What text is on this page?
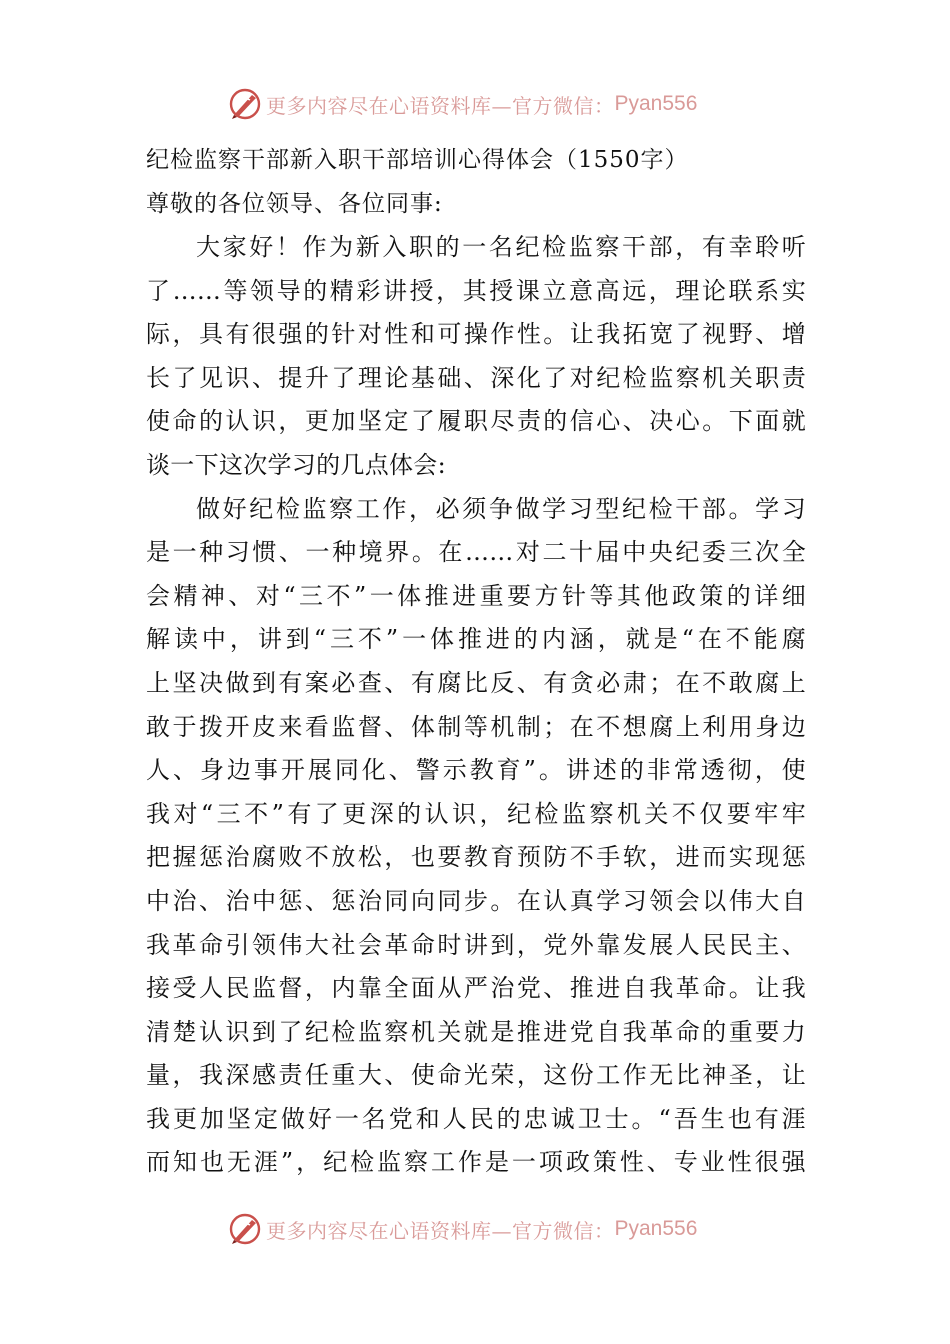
更多内容尽在心语资料库—官方微信： Pyan556
纪检监察干部新入职干部培训心得体会（1550字）
尊敬的各位领导、各位同事:
大家好！作为新入职的一名纪检监察干部，有幸聆听
了……等领导的精彩讲授，其授课立意高远，理论联系实
际，具有很强的针对性和可操作性。让我拓宽了视野、增
长了见识、提升了理论基础、深化了对纪检监察机关职责
使命的认识，更加坚定了履职尽责的信心、决心。下面就
谈一下这次学习的几点体会:
做好纪检监察工作，必须争做学习型纪检干部。学习
是一种习惯、一种境界。在……对二十届中央纪委三次全
会精神、对“三不”一体推进重要方针等其他政策的详细
解读中，讲到“三不”一体推进的内涵，就是“在不能腐
上坚决做到有案必查、有腐比反、有贪必肃；在不敢腐上
敢于拨开皮来看监督、体制等机制；在不想腐上利用身边
人、身边事开展同化、警示教育”。讲述的非常透彻，使
我对“三不”有了更深的认识，纪检监察机关不仅要牢牢
把握惩治腐败不放松，也要教育预防不手软，进而实现惩
中治、治中惩、惩治同向同步。在认真学习领会以伟大自
我革命引领伟大社会革命时讲到，党外靠发展人民民主、
接受人民监督，内靠全面从严治党、推进自我革命。让我
清楚认识到了纪检监察机关就是推进党自我革命的重要力
量，我深感责任重大、使命光荣，这份工作无比神圣，让
我更加坚定做好一名党和人民的忠诚卫士。“吾生也有涯
而知也无涯”，纪检监察工作是一项政策性、专业性很强
更多内容尽在心语资料库—官方微信： Pyan556
